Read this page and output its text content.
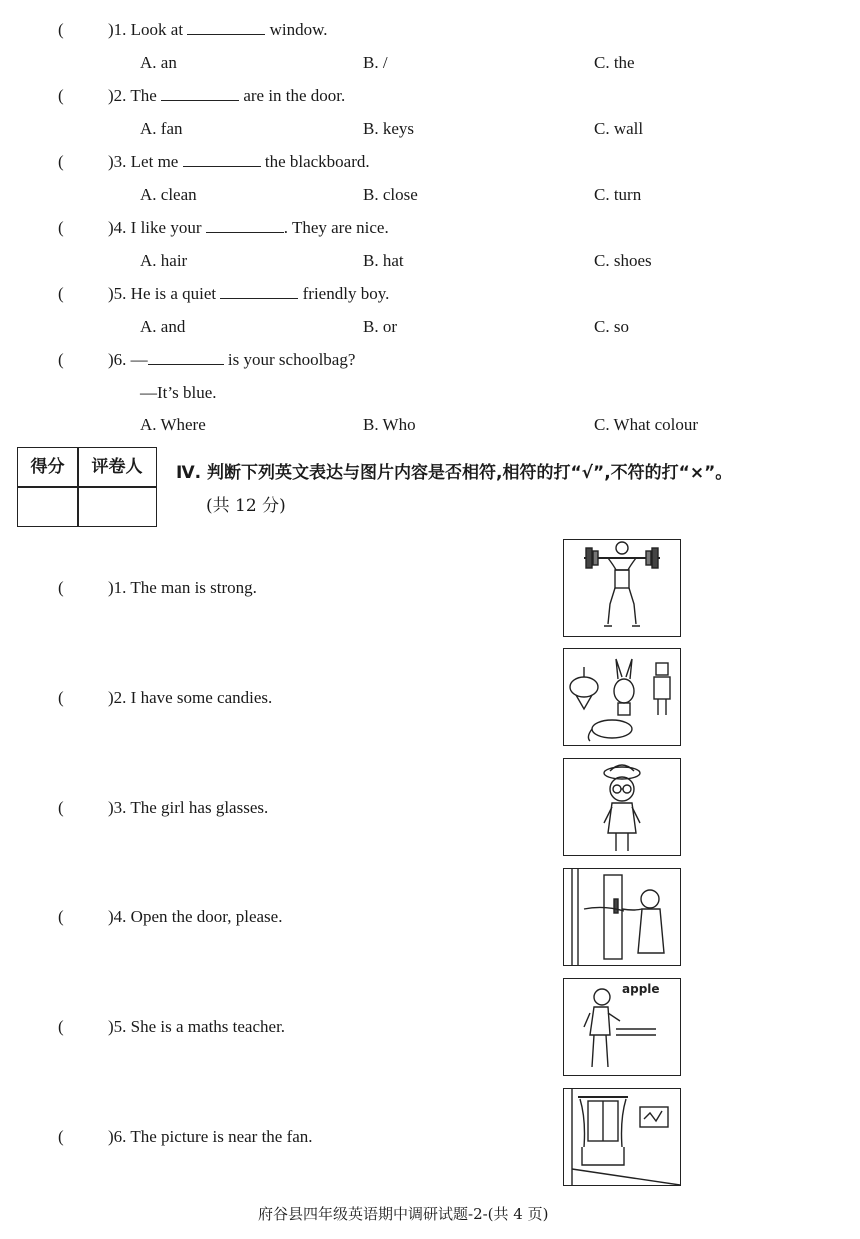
(	)1. Look at	window.
A. an	B. /	C. the
(	)2. The	are in the door.
A. fan	B. keys	C. wall
(	)3. Let me	the blackboard.
A. clean	B. close	C. turn
(	)4. I like your	. They are nice.
A. hair	B. hat	C. shoes
(	)5. He is a quiet	friendly boy.
A. and	B. or	C. so
(	)6. —	is your schoolbag?
—It’s blue.
A. Where	B. Who	C. What colour
得分	评卷人	Ⅳ. 判断下列英文表达与图片内容是否相符,相符的打“√”,不符的打“×”。
(共 12 分)
(	)1. The man is strong.
(	)2. I have some candies.
(	)3. The girl has glasses.
(	)4. Open the door, please.
(	)5. She is a maths teacher.
(	)6. The picture is near the fan.
apple
府谷县四年级英语期中调研试题-2-(共 4 页)
